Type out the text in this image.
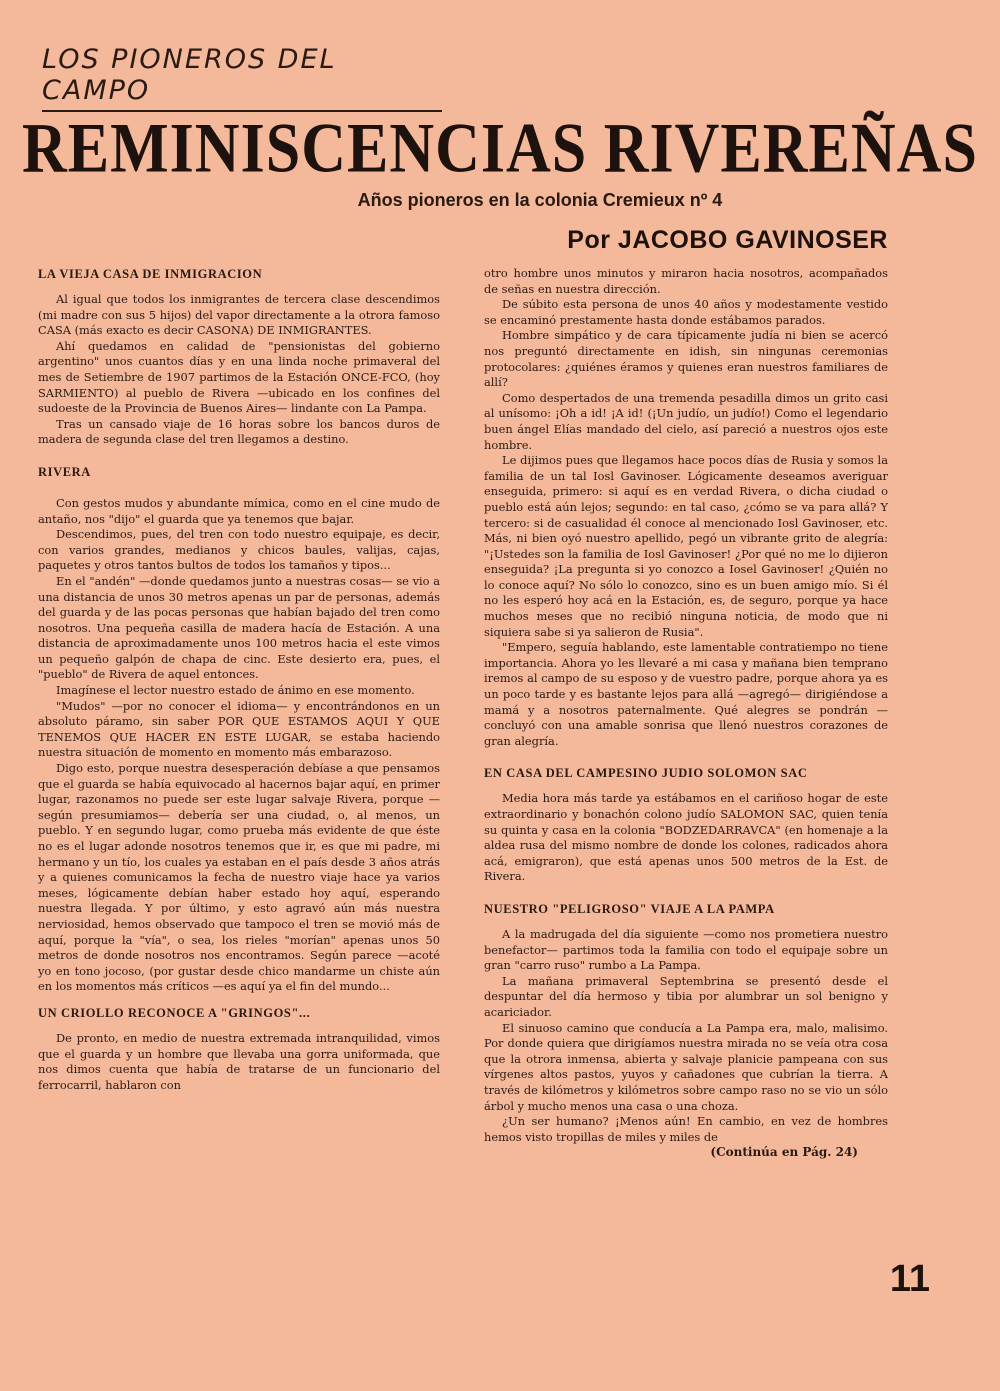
LOS PIONEROS DEL CAMPO
REMINISCENCIAS RIVEREÑAS
Años pioneros en la colonia Cremieux nº 4
Por JACOBO GAVINOSER
LA VIEJA CASA DE INMIGRACION

Al igual que todos los inmigrantes de tercera clase descendimos (mi madre con sus 5 hijos) del vapor directamente a la otrora famoso CASA (más exacto es decir CASONA) DE INMIGRANTES.

Ahí quedamos en calidad de "pensionistas del gobierno argentino" unos cuantos días y en una linda noche primaveral del mes de Setiembre de 1907 partimos de la Estación ONCE-FCO, (hoy SARMIENTO) al pueblo de Rivera —ubicado en los confines del sudoeste de la Provincia de Buenos Aires— lindante con La Pampa.

Tras un cansado viaje de 16 horas sobre los bancos duros de madera de segunda clase del tren llegamos a destino.

RIVERA

Con gestos mudos y abundante mímica, como en el cine mudo de antaño, nos "dijo" el guarda que ya tenemos que bajar.

Descendimos, pues, del tren con todo nuestro equipaje, es decir, con varios grandes, medianos y chicos baules, valijas, cajas, paquetes y otros tantos bultos de todos los tamaños y tipos...

En el "andén" —donde quedamos junto a nuestras cosas— se vio a una distancia de unos 30 metros apenas un par de personas, además del guarda y de las pocas personas que habían bajado del tren como nosotros. Una pequeña casilla de madera hacía de Estación. A una distancia de aproximadamente unos 100 metros hacia el este vimos un pequeño galpón de chapa de cinc. Este desierto era, pues, el "pueblo" de Rivera de aquel entonces.

Imagínese el lector nuestro estado de ánimo en ese momento.

"Mudos" —por no conocer el idioma— y encontrándonos en un absoluto páramo, sin saber POR QUE ESTAMOS AQUI Y QUE TENEMOS QUE HACER EN ESTE LUGAR, se estaba haciendo nuestra situación de momento en momento más embarazoso.

Digo esto, porque nuestra desesperación debíase a que pensamos que el guarda se había equivocado al hacernos bajar aquí, en primer lugar, razonamos no puede ser este lugar salvaje Rivera, porque —según presumiamos— debería ser una ciudad, o, al menos, un pueblo. Y en segundo lugar, como prueba más evidente de que éste no es el lugar adonde nosotros tenemos que ir, es que mi padre, mi hermano y un tío, los cuales ya estaban en el país desde 3 años atrás y a quienes comunicamos la fecha de nuestro viaje hace ya varios meses, lógicamente debían haber estado hoy aquí, esperando nuestra llegada. Y por último, y esto agravó aún más nuestra nerviosidad, hemos observado que tampoco el tren se movió más de aquí, porque la "vía", o sea, los rieles "morían" apenas unos 50 metros de donde nosotros nos encontramos. Según parece —acoté yo en tono jocoso, (por gustar desde chico mandarme un chiste aún en los momentos más críticos —es aquí ya el fin del mundo...

UN CRIOLLO RECONOCE A "GRINGOS"...

De pronto, en medio de nuestra extremada intranquilidad, vimos que el guarda y un hombre que llevaba una gorra uniformada, que nos dimos cuenta que había de tratarse de un funcionario del ferrocarril, hablaron con

otro hombre unos minutos y miraron hacia nosotros, acompañados de señas en nuestra dirección.

De súbito esta persona de unos 40 años y modestamente vestido se encaminó prestamente hasta donde estábamos parados.

Hombre simpático y de cara típicamente judía ni bien se acercó nos preguntó directamente en idish, sin ningunas ceremonias protocolares: ¿quiénes éramos y quienes eran nuestros familiares de allí?

Como despertados de una tremenda pesadilla dimos un grito casi al unísomo: ¡Oh a id! ¡A id! (¡Un judío, un judío!) Como el legendario buen ángel Elías mandado del cielo, así pareció a nuestros ojos este hombre.

Le dijimos pues que llegamos hace pocos días de Rusia y somos la familia de un tal Iosl Gavinoser. Lógicamente deseamos averiguar enseguida, primero: si aquí es en verdad Rivera, o dicha ciudad o pueblo está aún lejos; segundo: en tal caso, ¿cómo se va para allá? Y tercero: si de casualidad él conoce al mencionado Iosl Gavinoser, etc. Más, ni bien oyó nuestro apellido, pegó un vibrante grito de alegría: "¡Ustedes son la familia de Iosl Gavinoser! ¿Por qué no me lo dijieron enseguida? ¡La pregunta si yo conozco a Iosel Gavinoser! ¿Quién no lo conoce aquí? No sólo lo conozco, sino es un buen amigo mío. Si él no les esperó hoy acá en la Estación, es, de seguro, porque ya hace muchos meses que no recibió ninguna noticia, de modo que ni siquiera sabe si ya salieron de Rusia".

"Empero, seguía hablando, este lamentable contratiempo no tiene importancia. Ahora yo les llevaré a mi casa y mañana bien temprano iremos al campo de su esposo y de vuestro padre, porque ahora ya es un poco tarde y es bastante lejos para allá —agregó— dirigiéndose a mamá y a nosotros paternalmente. Qué alegres se pondrán —concluyó con una amable sonrisa que llenó nuestros corazones de gran alegría.

EN CASA DEL CAMPESINO JUDIO SOLOMON SAC

Media hora más tarde ya estábamos en el cariñoso hogar de este extraordinario y bonachón colono judío SALOMON SAC, quien tenía su quinta y casa en la colonia "BODZEDARRAVCA" (en homenaje a la aldea rusa del mismo nombre de donde los colones, radicados ahora acá, emigraron), que está apenas unos 500 metros de la Est. de Rivera.

NUESTRO "PELIGROSO" VIAJE A LA PAMPA

A la madrugada del día siguiente —como nos prometiera nuestro benefactor— partimos toda la familia con todo el equipaje sobre un gran "carro ruso" rumbo a La Pampa.

La mañana primaveral Septembrina se presentó desde el despuntar del día hermoso y tibia por alumbrar un sol benigno y acariciador.

El sinuoso camino que conducía a La Pampa era, malo, malisimo. Por donde quiera que dirigíamos nuestra mirada no se veía otra cosa que la otrora inmensa, abierta y salvaje planicie pampeana con sus vírgenes altos pastos, yuyos y cañadones que cubrían la tierra. A través de kilómetros y kilómetros sobre campo raso no se vio un sólo árbol y mucho menos una casa o una choza.

¿Un ser humano? ¡Menos aún! En cambio, en vez de hombres hemos visto tropillas de miles y miles de

(Continúa en Pág. 24)
11
